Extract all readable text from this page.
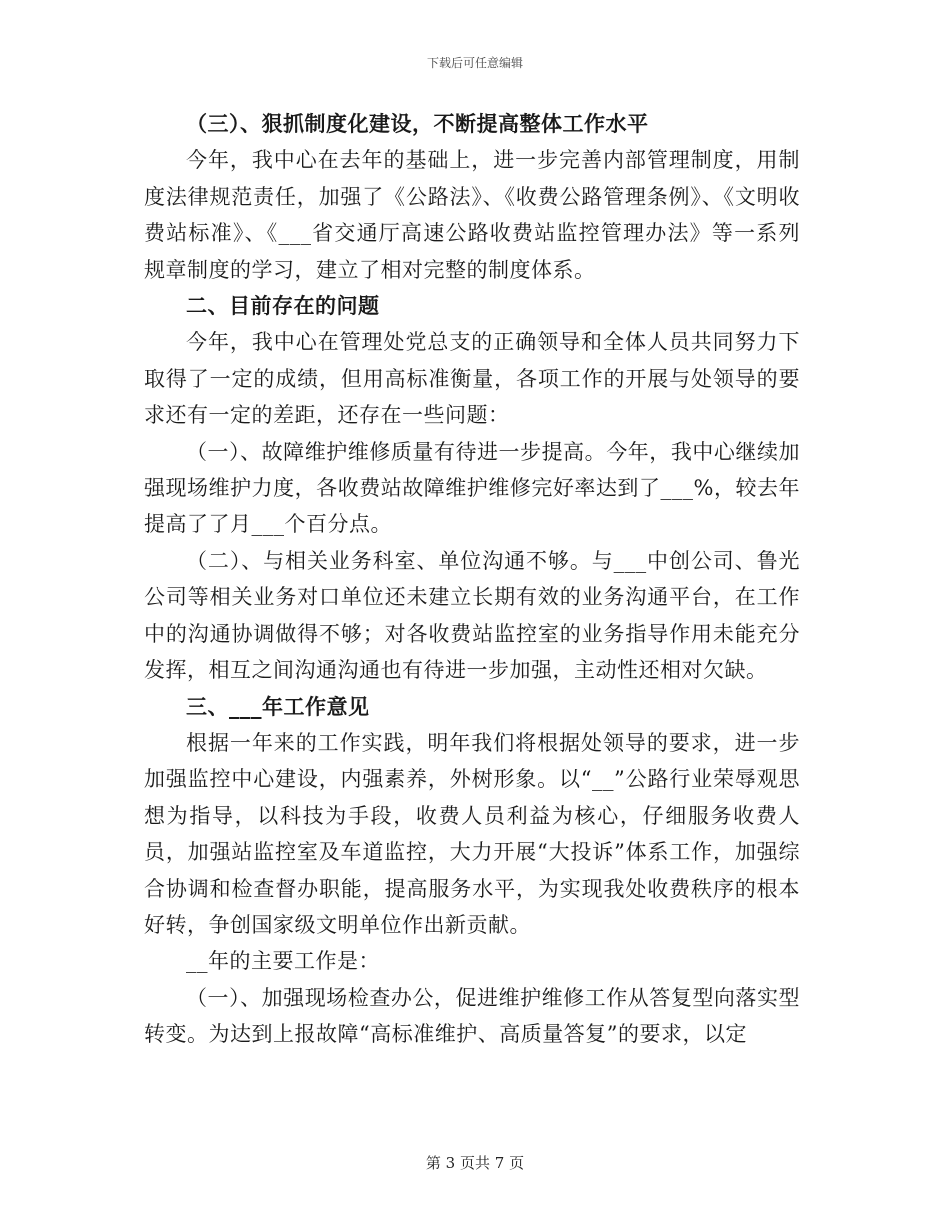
下载后可任意编辑

（三）、狠抓制度化建设，不断提高整体工作水平

今年，我中心在去年的基础上，进一步完善内部管理制度，用制度法律规范责任，加强了《公路法》、《收费公路管理条例》、《文明收费站标准》、《___省交通厅高速公路收费站监控管理办法》等一系列规章制度的学习，建立了相对完整的制度体系。

二、目前存在的问题

今年，我中心在管理处党总支的正确领导和全体人员共同努力下取得了一定的成绩，但用高标准衡量，各项工作的开展与处领导的要求还有一定的差距，还存在一些问题：

（一）、故障维护维修质量有待进一步提高。今年，我中心继续加强现场维护力度，各收费站故障维护维修完好率达到了___%，较去年提高了了月___个百分点。

（二）、与相关业务科室、单位沟通不够。与___中创公司、鲁光公司等相关业务对口单位还未建立长期有效的业务沟通平台，在工作中的沟通协调做得不够；对各收费站监控室的业务指导作用未能充分发挥，相互之间沟通沟通也有待进一步加强，主动性还相对欠缺。

三、___年工作意见

根据一年来的工作实践，明年我们将根据处领导的要求，进一步加强监控中心建设，内强素养，外树形象。以“__”公路行业荣辱观思想为指导，以科技为手段，收费人员利益为核心，仔细服务收费人员，加强站监控室及车道监控，大力开展“大投诉”体系工作，加强综合协调和检查督办职能，提高服务水平，为实现我处收费秩序的根本好转，争创国家级文明单位作出新贡献。

__年的主要工作是：

（一）、加强现场检查办公，促进维护维修工作从答复型向落实型转变。为达到上报故障“高标准维护、高质量答复”的要求，以定

第 3 页共 7 页
